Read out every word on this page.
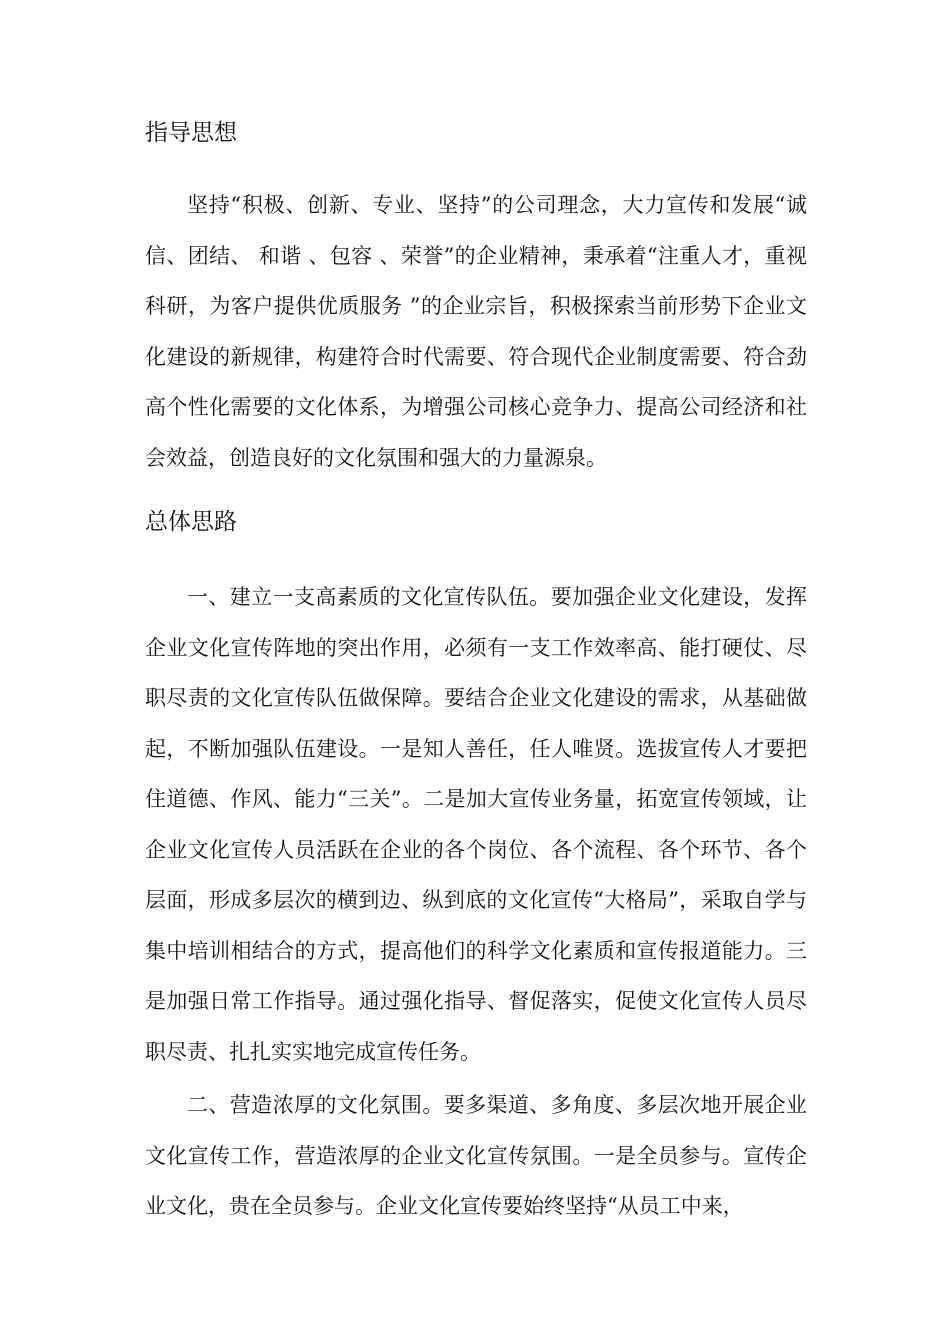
指导思想

坚持“积极、创新、专业、坚持”的公司理念，大力宣传和发展“诚信、团结、 和谐 、包容 、荣誉”的企业精神，秉承着“注重人才，重视科研，为客户提供优质服务 ”的企业宗旨，积极探索当前形势下企业文化建设的新规律，构建符合时代需要、符合现代企业制度需要、符合劲高个性化需要的文化体系，为增强公司核心竞争力、提高公司经济和社会效益，创造良好的文化氛围和强大的力量源泉。

总体思路

一、建立一支高素质的文化宣传队伍。要加强企业文化建设，发挥企业文化宣传阵地的突出作用，必须有一支工作效率高、能打硬仗、尽职尽责的文化宣传队伍做保障。要结合企业文化建设的需求，从基础做起，不断加强队伍建设。一是知人善任，任人唯贤。选拔宣传人才要把住道德、作风、能力“三关”。二是加大宣传业务量，拓宽宣传领域，让企业文化宣传人员活跃在企业的各个岗位、各个流程、各个环节、各个层面，形成多层次的横到边、纵到底的文化宣传“大格局”，采取自学与集中培训相结合的方式，提高他们的科学文化素质和宣传报道能力。三是加强日常工作指导。通过强化指导、督促落实，促使文化宣传人员尽职尽责、扎扎实实地完成宣传任务。

二、营造浓厚的文化氛围。要多渠道、多角度、多层次地开展企业文化宣传工作，营造浓厚的企业文化宣传氛围。一是全员参与。宣传企业文化，贵在全员参与。企业文化宣传要始终坚持“从员工中来，
